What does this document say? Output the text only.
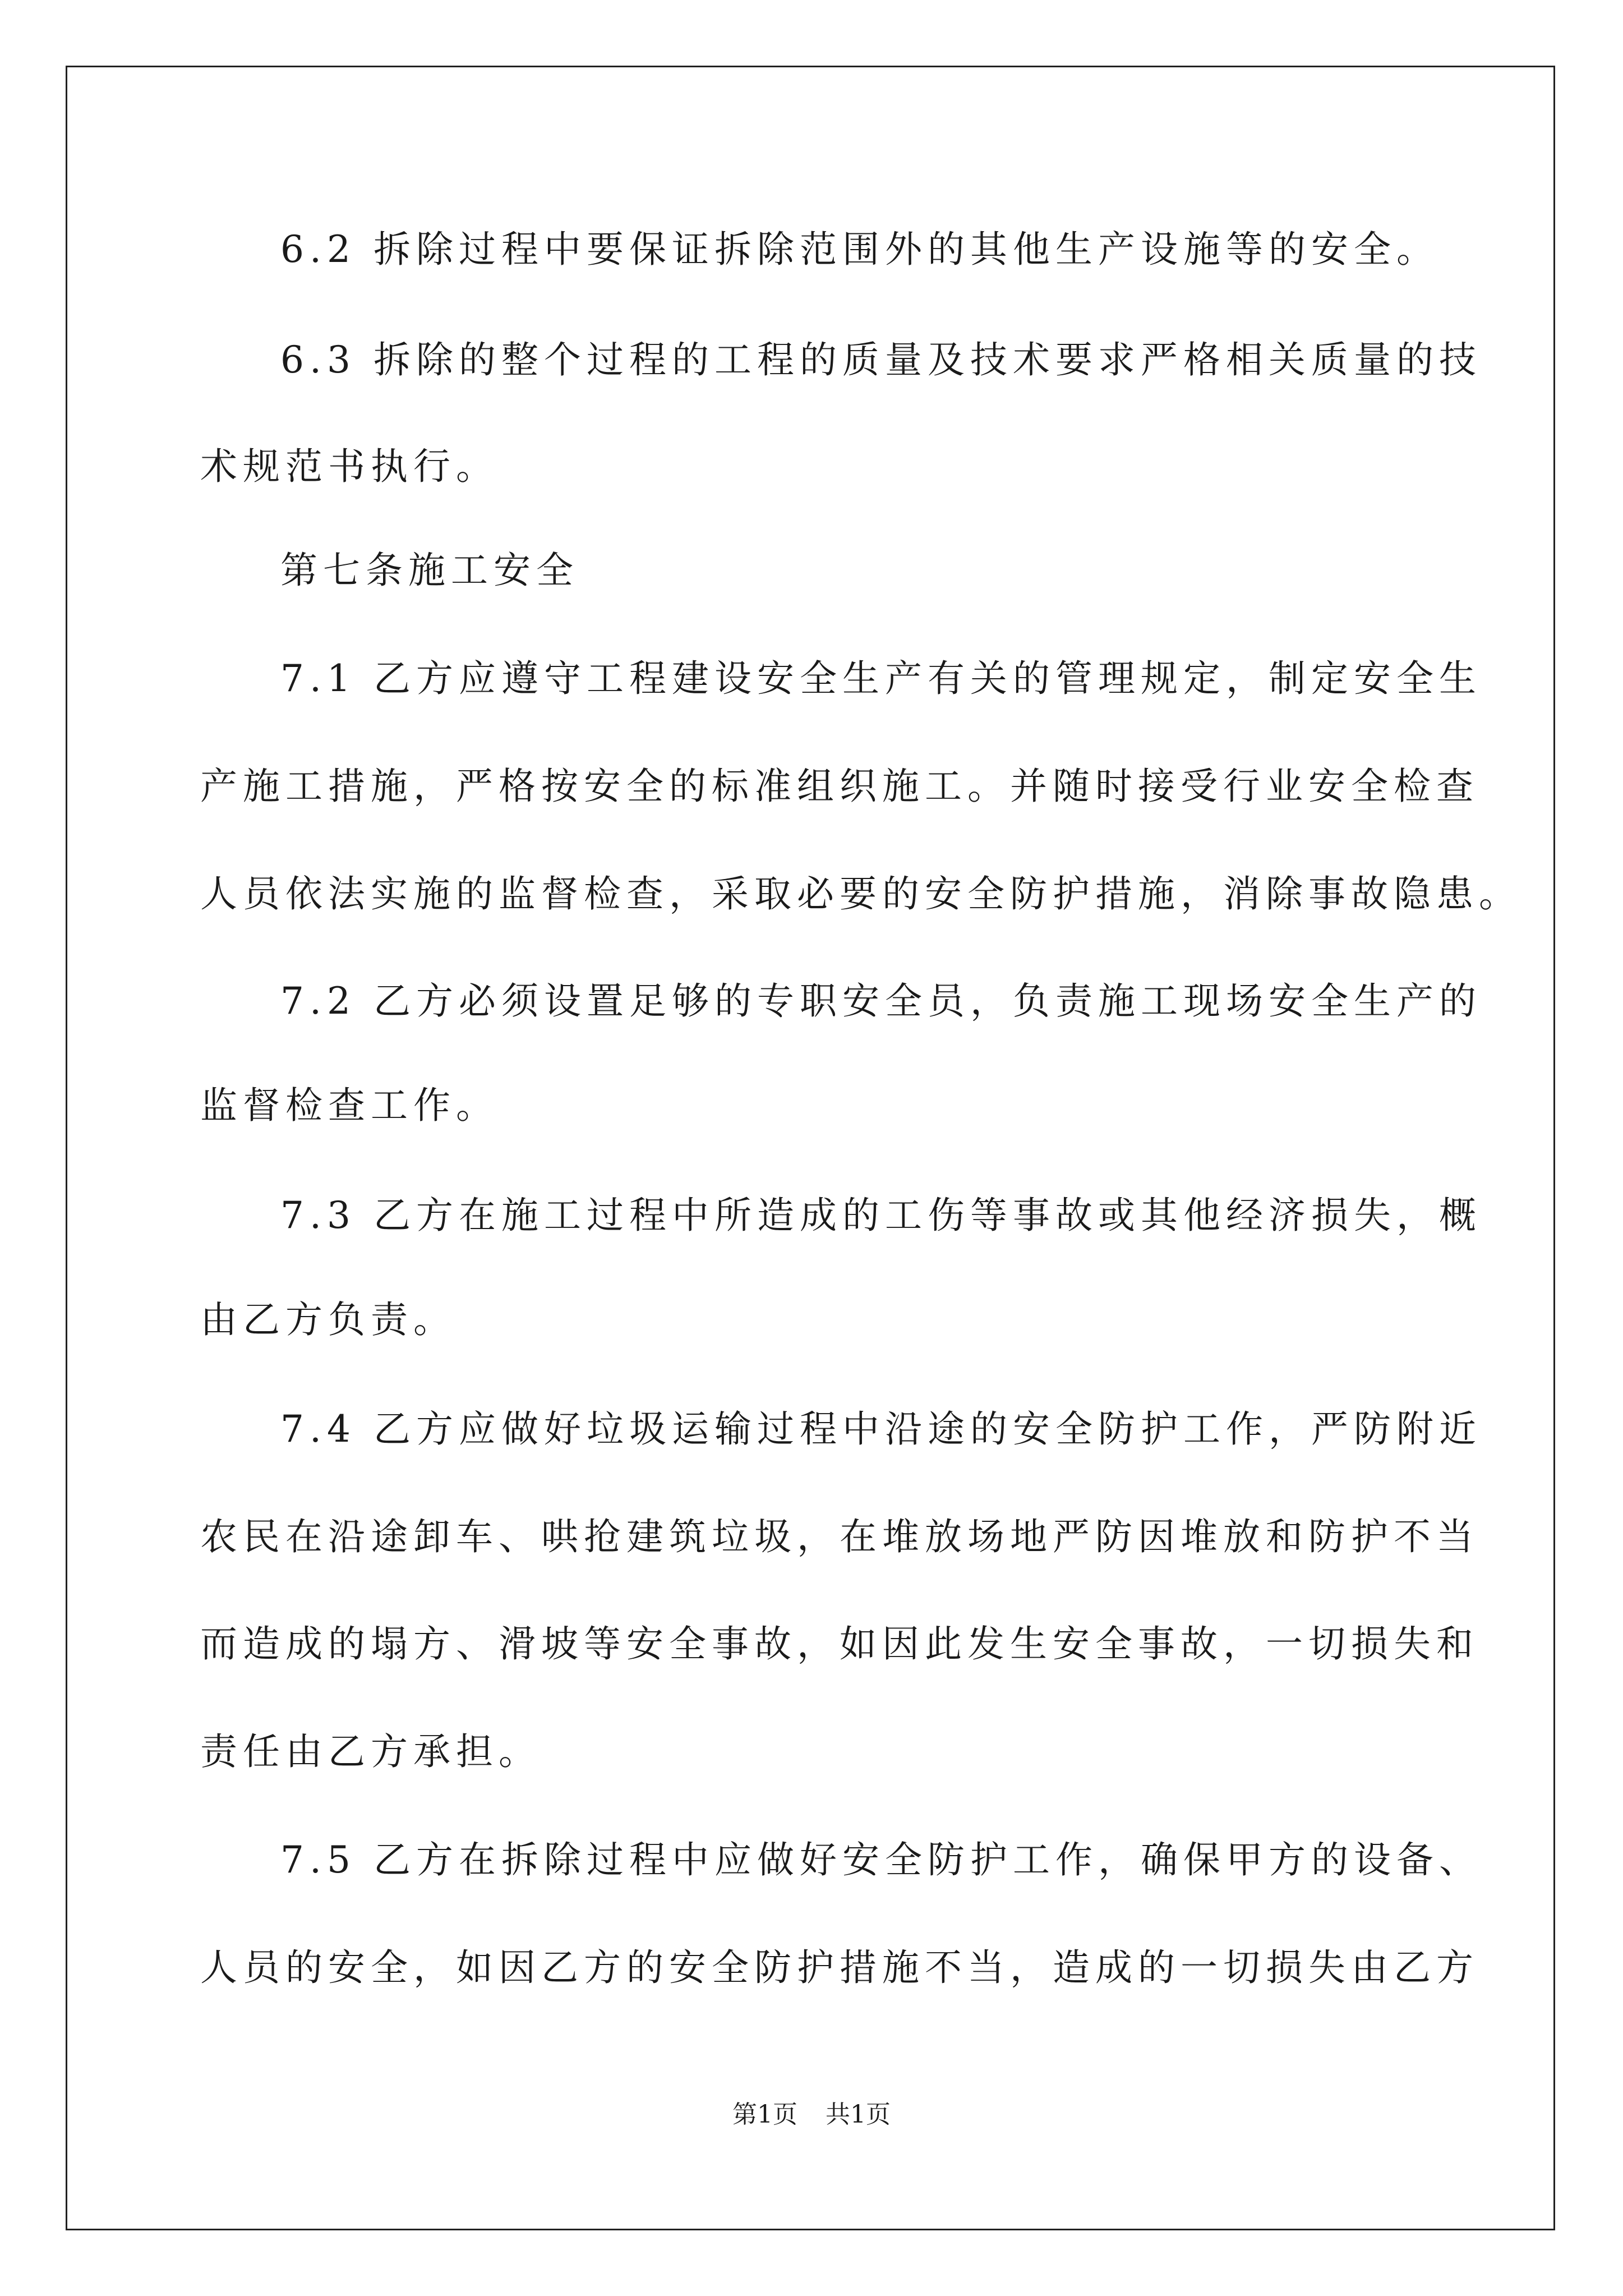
6.2 拆除过程中要保证拆除范围外的其他生产设施等的安全。

6.3 拆除的整个过程的工程的质量及技术要求严格相关质量的技

术规范书执行。

第七条施工安全

7.1 乙方应遵守工程建设安全生产有关的管理规定，制定安全生

产施工措施，严格按安全的标准组织施工。并随时接受行业安全检查

人员依法实施的监督检查，采取必要的安全防护措施，消除事故隐患。

7.2 乙方必须设置足够的专职安全员，负责施工现场安全生产的

监督检查工作。

7.3 乙方在施工过程中所造成的工伤等事故或其他经济损失，概

由乙方负责。

7.4 乙方应做好垃圾运输过程中沿途的安全防护工作，严防附近

农民在沿途卸车、哄抢建筑垃圾，在堆放场地严防因堆放和防护不当

而造成的塌方、滑坡等安全事故，如因此发生安全事故，一切损失和

责任由乙方承担。

7.5 乙方在拆除过程中应做好安全防护工作，确保甲方的设备、

人员的安全，如因乙方的安全防护措施不当，造成的一切损失由乙方

第1页 共1页
